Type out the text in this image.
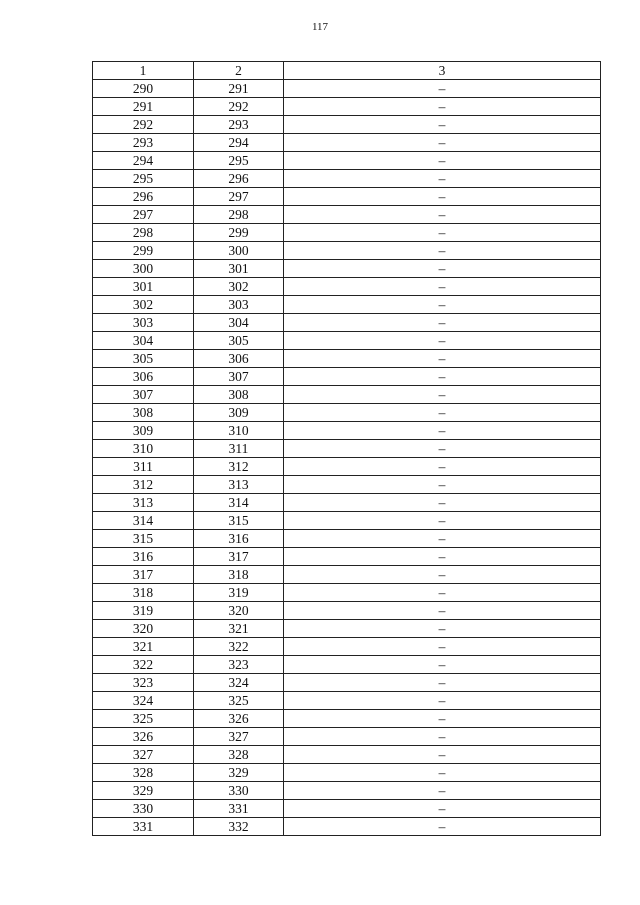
117
1	2	3
290	291	–
291	292	–
292	293	–
293	294	–
294	295	–
295	296	–
296	297	–
297	298	–
298	299	–
299	300	–
300	301	–
301	302	–
302	303	–
303	304	–
304	305	–
305	306	–
306	307	–
307	308	–
308	309	–
309	310	–
310	311	–
311	312	–
312	313	–
313	314	–
314	315	–
315	316	–
316	317	–
317	318	–
318	319	–
319	320	–
320	321	–
321	322	–
322	323	–
323	324	–
324	325	–
325	326	–
326	327	–
327	328	–
328	329	–
329	330	–
330	331	–
331	332	–
